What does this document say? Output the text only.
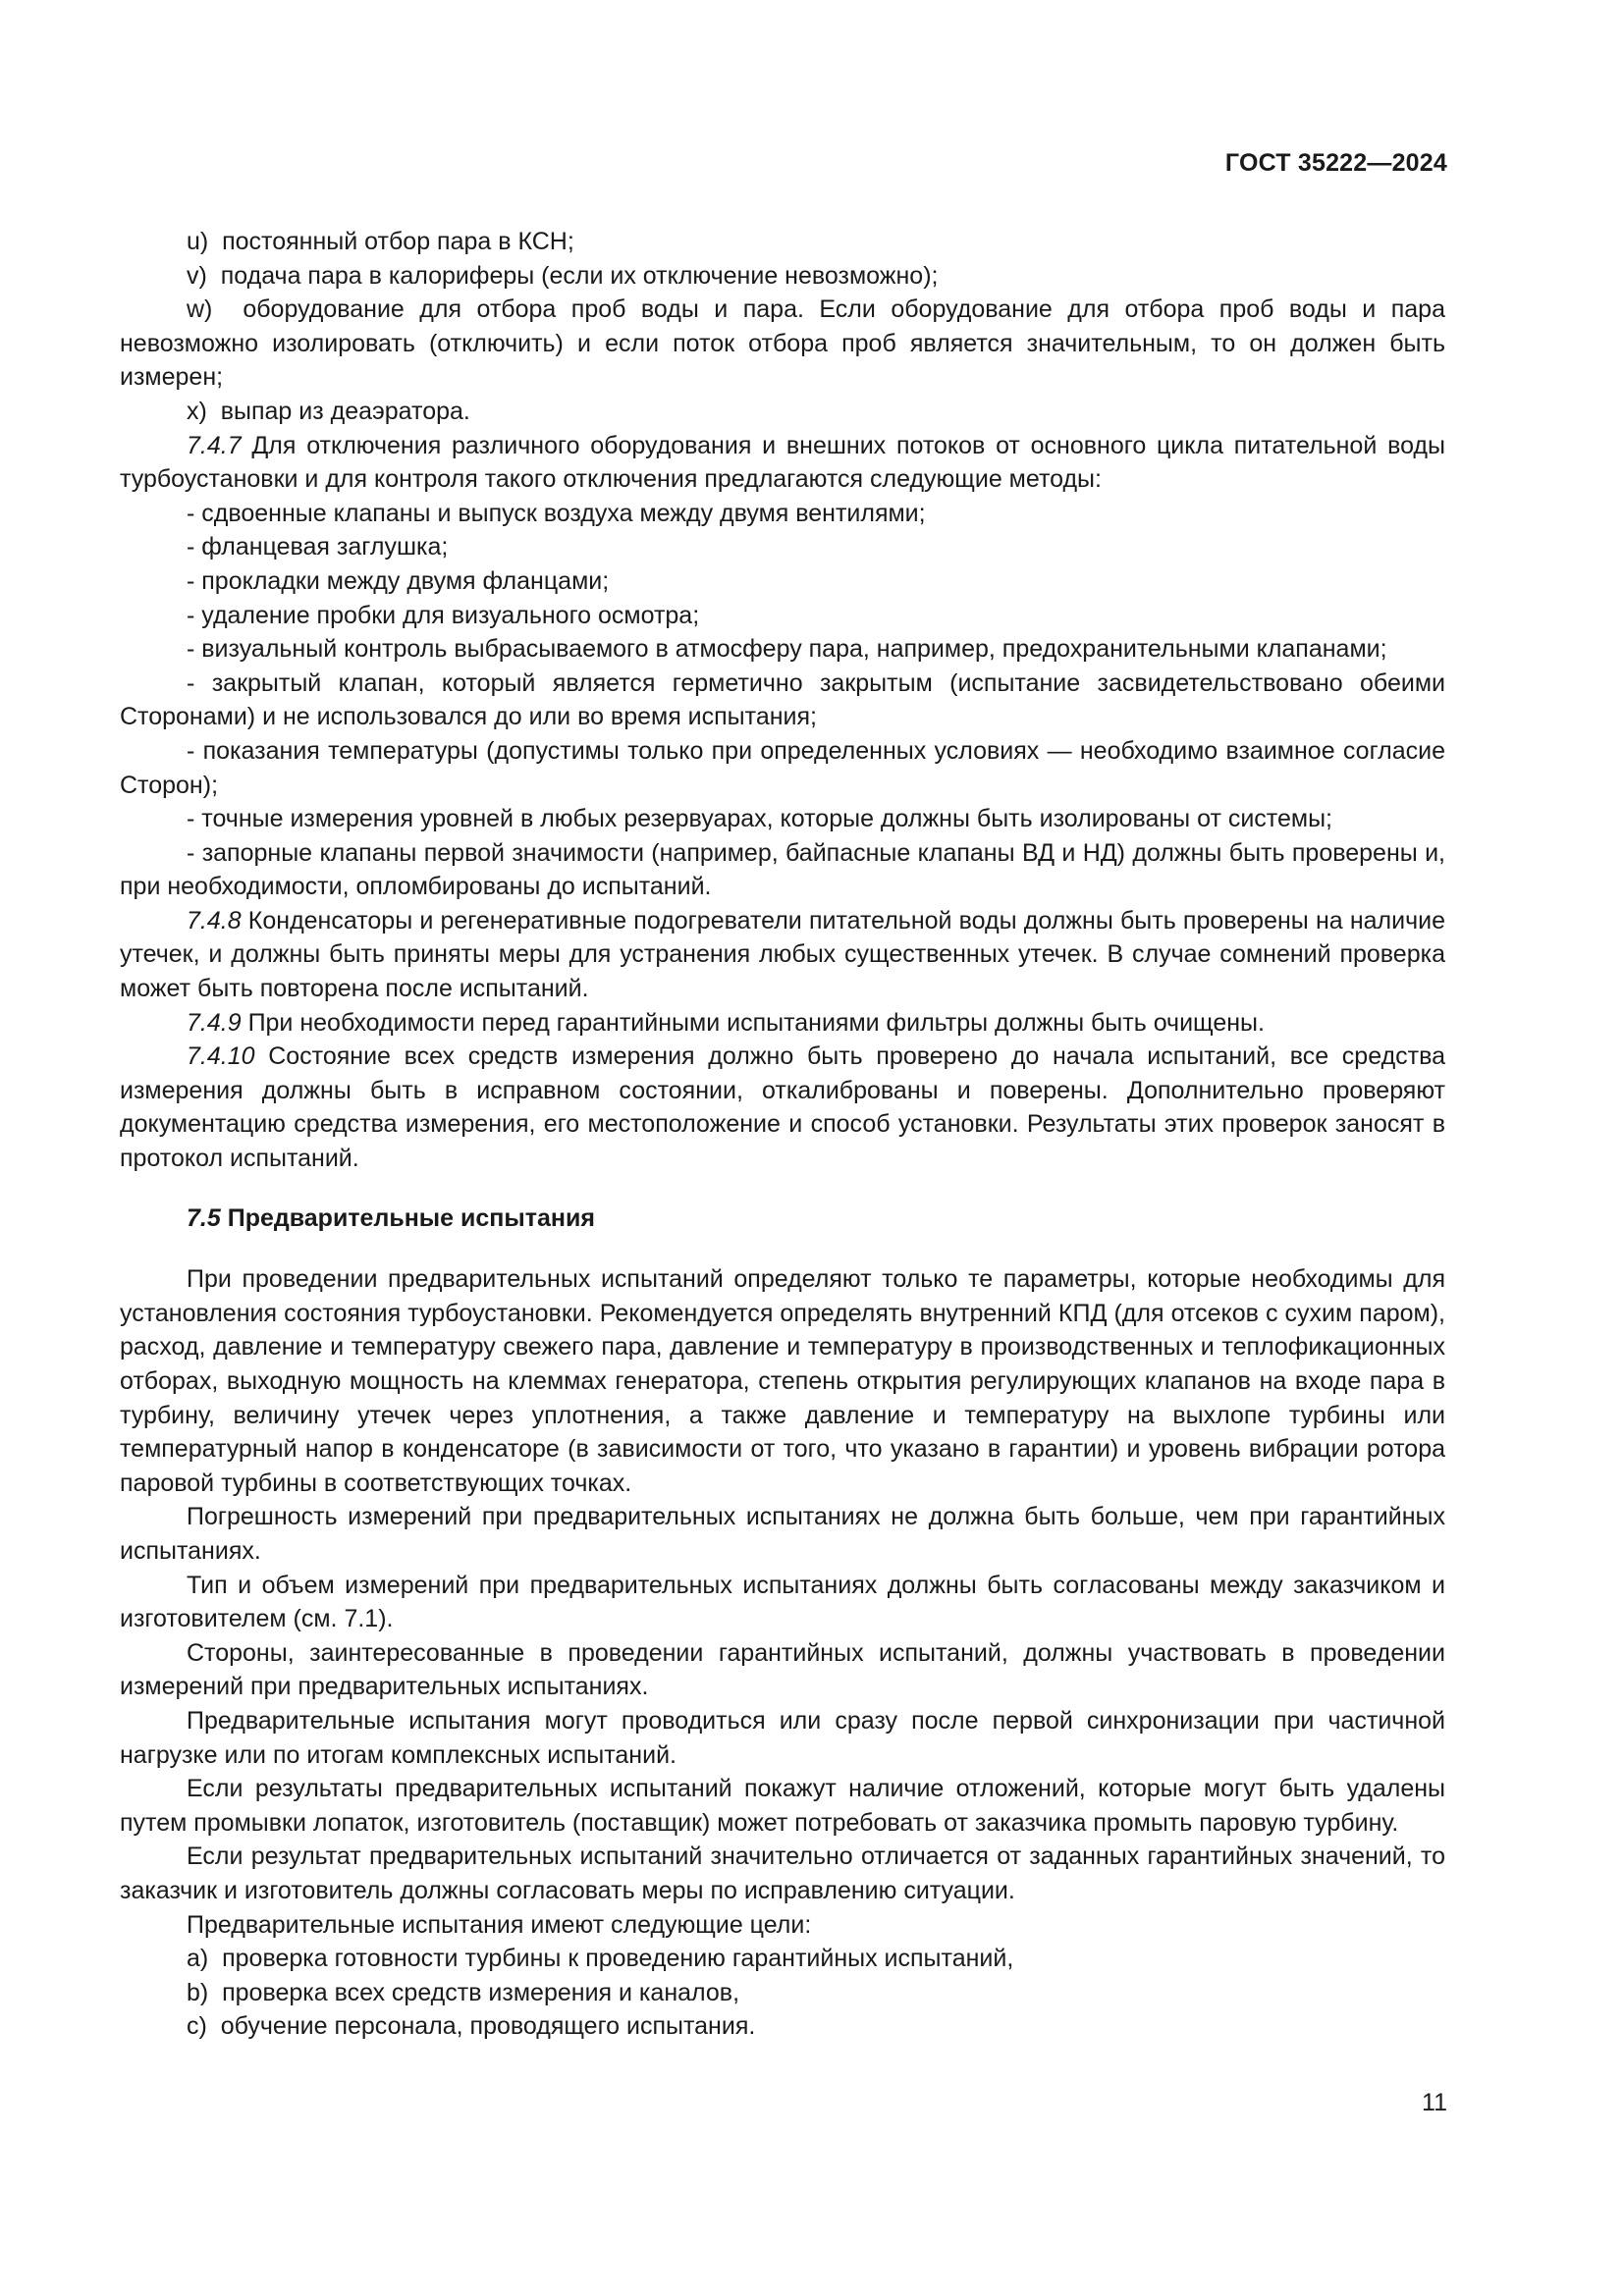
ГОСТ 35222—2024

u)  постоянный отбор пара в КСН;

v)  подача пара в калориферы (если их отключение невозможно);

w)  оборудование для отбора проб воды и пара. Если оборудование для отбора проб воды и пара невозможно изолировать (отключить) и если поток отбора проб является значительным, то он должен быть измерен;

x)  выпар из деаэратора.

7.4.7 Для отключения различного оборудования и внешних потоков от основного цикла питательной воды турбоустановки и для контроля такого отключения предлагаются следующие методы:

- сдвоенные клапаны и выпуск воздуха между двумя вентилями;

- фланцевая заглушка;

- прокладки между двумя фланцами;

- удаление пробки для визуального осмотра;

- визуальный контроль выбрасываемого в атмосферу пара, например, предохранительными клапанами;

- закрытый клапан, который является герметично закрытым (испытание засвидетельствовано обеими Сторонами) и не использовался до или во время испытания;

- показания температуры (допустимы только при определенных условиях — необходимо взаимное согласие Сторон);

- точные измерения уровней в любых резервуарах, которые должны быть изолированы от системы;

- запорные клапаны первой значимости (например, байпасные клапаны ВД и НД) должны быть проверены и, при необходимости, опломбированы до испытаний.

7.4.8 Конденсаторы и регенеративные подогреватели питательной воды должны быть проверены на наличие утечек, и должны быть приняты меры для устранения любых существенных утечек. В случае сомнений проверка может быть повторена после испытаний.

7.4.9 При необходимости перед гарантийными испытаниями фильтры должны быть очищены.

7.4.10 Состояние всех средств измерения должно быть проверено до начала испытаний, все средства измерения должны быть в исправном состоянии, откалиброваны и поверены. Дополнительно проверяют документацию средства измерения, его местоположение и способ установки. Результаты этих проверок заносят в протокол испытаний.

7.5 Предварительные испытания

При проведении предварительных испытаний определяют только те параметры, которые необходимы для установления состояния турбоустановки. Рекомендуется определять внутренний КПД (для отсеков с сухим паром), расход, давление и температуру свежего пара, давление и температуру в производственных и теплофикационных отборах, выходную мощность на клеммах генератора, степень открытия регулирующих клапанов на входе пара в турбину, величину утечек через уплотнения, а также давление и температуру на выхлопе турбины или температурный напор в конденсаторе (в зависимости от того, что указано в гарантии) и уровень вибрации ротора паровой турбины в соответствующих точках.

Погрешность измерений при предварительных испытаниях не должна быть больше, чем при гарантийных испытаниях.

Тип и объем измерений при предварительных испытаниях должны быть согласованы между заказчиком и изготовителем (см. 7.1).

Стороны, заинтересованные в проведении гарантийных испытаний, должны участвовать в проведении измерений при предварительных испытаниях.

Предварительные испытания могут проводиться или сразу после первой синхронизации при частичной нагрузке или по итогам комплексных испытаний.

Если результаты предварительных испытаний покажут наличие отложений, которые могут быть удалены путем промывки лопаток, изготовитель (поставщик) может потребовать от заказчика промыть паровую турбину.

Если результат предварительных испытаний значительно отличается от заданных гарантийных значений, то заказчик и изготовитель должны согласовать меры по исправлению ситуации.

Предварительные испытания имеют следующие цели:

a)  проверка готовности турбины к проведению гарантийных испытаний,

b)  проверка всех средств измерения и каналов,

c)  обучение персонала, проводящего испытания.

11
